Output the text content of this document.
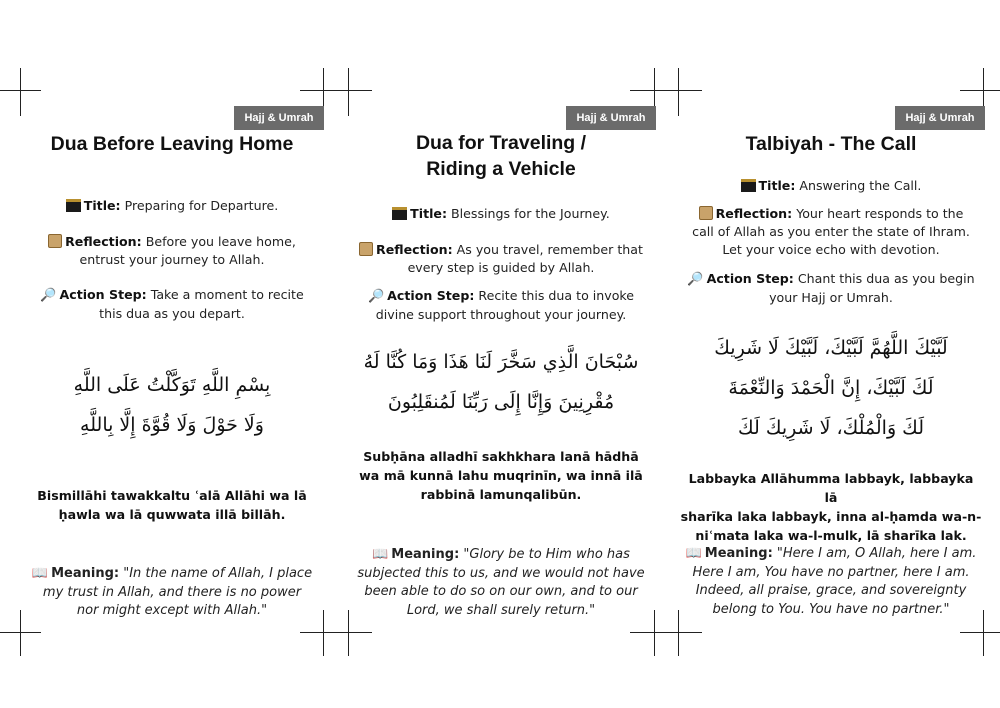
Hajj & Umrah
Dua Before Leaving Home
Title: Preparing for Departure.
Reflection: Before you leave home,
entrust your journey to Allah.
🔎 Action Step: Take a moment to recite
this dua as you depart.
بِسْمِ اللَّهِ تَوَكَّلْتُ عَلَى اللَّهِ
وَلَا حَوْلَ وَلَا قُوَّةَ إِلَّا بِاللَّهِ
Bismillāhi tawakkaltu ʿalā Allāhi wa lā
ḥawla wa lā quwwata illā billāh.
📖 Meaning: "In the name of Allah, I place
my trust in Allah, and there is no power
nor might except with Allah."
Hajj & Umrah
Dua for Traveling /
Riding a Vehicle
Title: Blessings for the Journey.
Reflection: As you travel, remember that
every step is guided by Allah.
🔎 Action Step: Recite this dua to invoke
divine support throughout your journey.
سُبْحَانَ الَّذِي سَخَّرَ لَنَا هَذَا وَمَا كُنَّا لَهُ
مُقْرِنِينَ وَإِنَّا إِلَى رَبِّنَا لَمُنقَلِبُونَ
Subḥāna alladhī sakhkhara lanā hādhā
wa mā kunnā lahu muqrinīn, wa innā ilā
rabbinā lamunqalibūn.
📖 Meaning: "Glory be to Him who has
subjected this to us, and we would not have
been able to do so on our own, and to our
Lord, we shall surely return."
Hajj & Umrah
Talbiyah - The Call
Title: Answering the Call.
Reflection: Your heart responds to the
call of Allah as you enter the state of Ihram.
Let your voice echo with devotion.
🔎 Action Step: Chant this dua as you begin
your Hajj or Umrah.
لَبَّيْكَ اللَّهُمَّ لَبَّيْكَ، لَبَّيْكَ لَا شَرِيكَ
لَكَ لَبَّيْكَ، إِنَّ الْحَمْدَ وَالنِّعْمَةَ
لَكَ وَالْمُلْكَ، لَا شَرِيكَ لَكَ
Labbayka Allāhumma labbayk, labbayka lā
sharīka laka labbayk, inna al-ḥamda wa-n-
niʿmata laka wa-l-mulk, lā sharīka lak.
📖 Meaning: "Here I am, O Allah, here I am.
Here I am, You have no partner, here I am.
Indeed, all praise, grace, and sovereignty
belong to You. You have no partner."
